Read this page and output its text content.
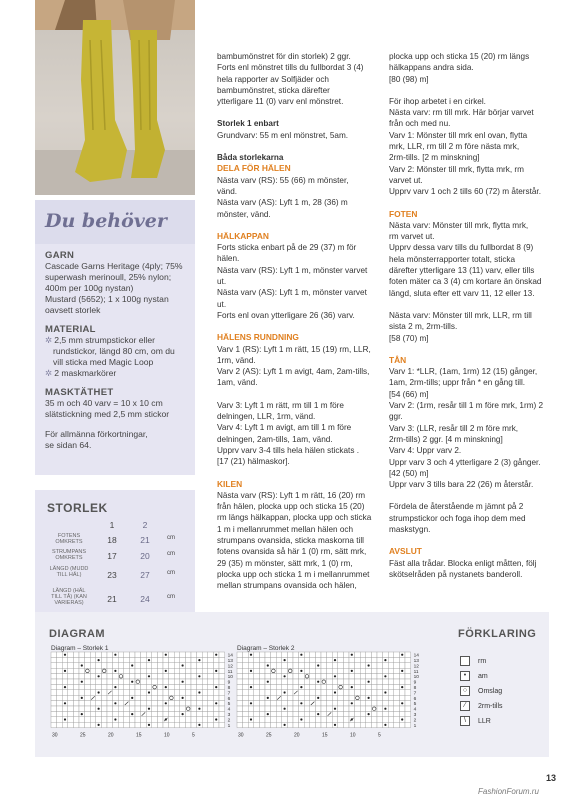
Du behöver
GARN
Cascade Garns Heritage (4ply; 75%
superwash merinoull, 25% nylon;
400m per 100g nystan)
Mustard (5652); 1 x 100g nystan
oavsett storlek
MATERIAL
✲ 2,5 mm strumpstickor eller
rundstickor, längd 80 cm, om du
vill sticka med Magic Loop
✲ 2 maskmarkörer
MASKTÄTHET
35 m och 40 varv = 10 x 10 cm
slätstickning med 2,5 mm stickor
För allmänna förkortningar,
se sidan 64.
STORLEK
1	2
FOTENS OMKRETS	18	21	cm
STRUMPANS OMKRETS	17	20	cm
LÄNGD (MUDD TILL HÄL)	23	27	cm
LÄNGD (HÄL TILL TÅ) (KAN VARIERAS)	21	24	cm

bambumönstret för din storlek) 2 ggr.

Forts enl mönstret tills du fullbordat 3 (4)

hela rapporter av Solfjäder och

bambumönstret, sticka därefter

ytterligare 11 (0) varv enl mönstret.

Storlek 1 enbart

Grundvarv: 55 m enl mönstret, 5am.

Båda storlekarna

DELA FÖR HÄLEN

Nästa varv (RS): 55 (66) m mönster,

vänd.

Nästa varv (AS): Lyft 1 m, 28 (36) m

mönster, vänd.

HÄLKAPPAN

Forts sticka enbart på de 29 (37) m för

hälen.

Nästa varv (RS): Lyft 1 m, mönster varvet

ut.

Nästa varv (AS): Lyft 1 m, mönster varvet

ut.

Forts enl ovan ytterligare 26 (36) varv.

HÄLENS RUNDNING

Varv 1 (RS): Lyft 1 m rätt, 15 (19) rm, LLR,

1rm, vänd.

Varv 2 (AS): Lyft 1 m avigt, 4am, 2am-tills,

1am, vänd.

Varv 3: Lyft 1 m rätt, rm till 1 m före

delningen, LLR, 1rm, vänd.

Varv 4: Lyft 1 m avigt, am till 1 m före

delningen, 2am-tills, 1am, vänd.

Upprv varv 3-4 tills hela hälen stickats .

[17 (21) hälmaskor].

KILEN

Nästa varv (RS): Lyft 1 m rätt, 16 (20) rm

från hälen, plocka upp och sticka 15 (20)

rm längs hälkappan, plocka upp och sticka

1 m i mellanrummet mellan hälen och

strumpans ovansida, sticka maskorna till

fotens ovansida så här 1 (0) rm, sätt mrk,

29 (35) m mönster, sätt mrk, 1 (0) rm,

plocka upp och sticka 1 m i mellanrummet

mellan strumpans ovansida och hälen,

plocka upp och sticka 15 (20) rm längs

hälkappans andra sida.

[80 (98) m]

För ihop arbetet i en cirkel.

Nästa varv: rm till mrk. Här börjar varvet

från och med nu.

Varv 1: Mönster till mrk enl ovan, flytta

mrk, LLR, rm till 2 m före nästa mrk,

2rm-tills. [2 m minskning]

Varv 2: Mönster till mrk, flytta mrk, rm

varvet ut.

Upprv varv 1 och 2 tills 60 (72) m återstår.

FOTEN

Nästa varv: Mönster till mrk, flytta mrk,

rm varvet ut.

Upprv dessa varv tills du fullbordat 8 (9)

hela mönsterrapporter totalt, sticka

därefter ytterligare 13 (11) varv, eller tills

foten mäter ca 3 (4) cm kortare än önskad

längd, sluta efter ett varv 11, 12 eller 13.

Nästa varv: Mönster till mrk, LLR, rm till

sista 2 m, 2rm-tills.

[58 (70) m]

TÅN

Varv 1: *LLR, (1am, 1rm) 12 (15) gånger,

1am, 2rm-tills; uppr från * en gång till.

[54 (66) m]

Varv 2: (1rm, resår till 1 m före mrk, 1rm) 2

ggr.

Varv 3: (LLR, resår till 2 m före mrk,

2rm-tills) 2 ggr. [4 m minskning]

Varv 4: Uppr varv 2.

Uppr varv 3 och 4 ytterligare 2 (3) gånger.

[42 (50) m]

Uppr varv 3 tills bara 22 (26) m återstår.

Fördela de återstående m jämnt på 2

strumpstickor och foga ihop dem med

maskstygn.

AVSLUT

Fäst alla trådar. Blocka enligt måtten, följ

skötselråden på nystanets banderoll.

DIAGRAM	FÖRKLARING
Diagram – Storlek 1	Diagram – Storlek 2
14
13
12
11
10
9
8
7
6
5
4
3
2
1
30	25	20	15	10	5
14
13
12
11
10
9
8
7
6
5
4
3
2
1
30	25	20	15	10	5
rm
• am
○ Omslag
⁄ 2rm-tills
\ LLR
13
FashionForum.ru
